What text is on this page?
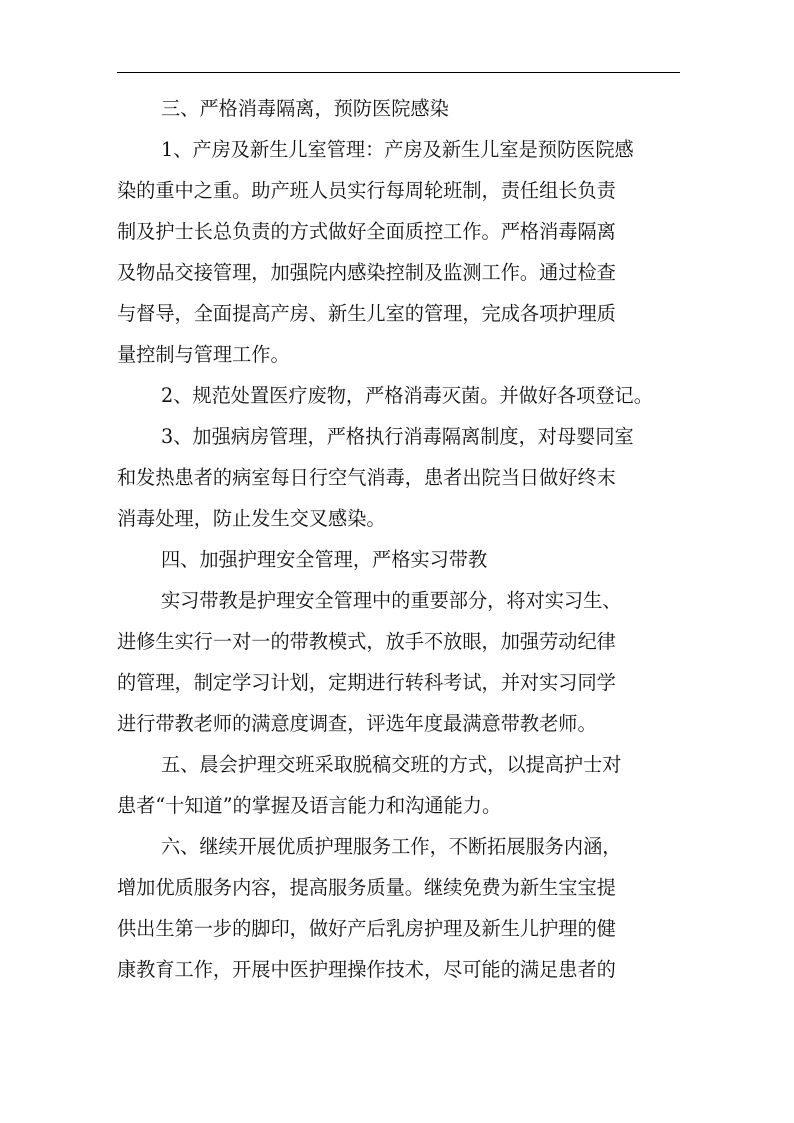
三、严格消毒隔离，预防医院感染
1、产房及新生儿室管理：产房及新生儿室是预防医院感
染的重中之重。助产班人员实行每周轮班制，责任组长负责
制及护士长总负责的方式做好全面质控工作。严格消毒隔离
及物品交接管理，加强院内感染控制及监测工作。通过检查
与督导，全面提高产房、新生儿室的管理，完成各项护理质
量控制与管理工作。
2、规范处置医疗废物，严格消毒灭菌。并做好各项登记。
3、加强病房管理，严格执行消毒隔离制度，对母婴同室
和发热患者的病室每日行空气消毒，患者出院当日做好终末
消毒处理，防止发生交叉感染。
四、加强护理安全管理，严格实习带教
实习带教是护理安全管理中的重要部分，将对实习生、
进修生实行一对一的带教模式，放手不放眼，加强劳动纪律
的管理，制定学习计划，定期进行转科考试，并对实习同学
进行带教老师的满意度调查，评选年度最满意带教老师。
五、晨会护理交班采取脱稿交班的方式，以提高护士对
患者“十知道”的掌握及语言能力和沟通能力。
六、继续开展优质护理服务工作，不断拓展服务内涵，
增加优质服务内容，提高服务质量。继续免费为新生宝宝提
供出生第一步的脚印，做好产后乳房护理及新生儿护理的健
康教育工作，开展中医护理操作技术，尽可能的满足患者的
